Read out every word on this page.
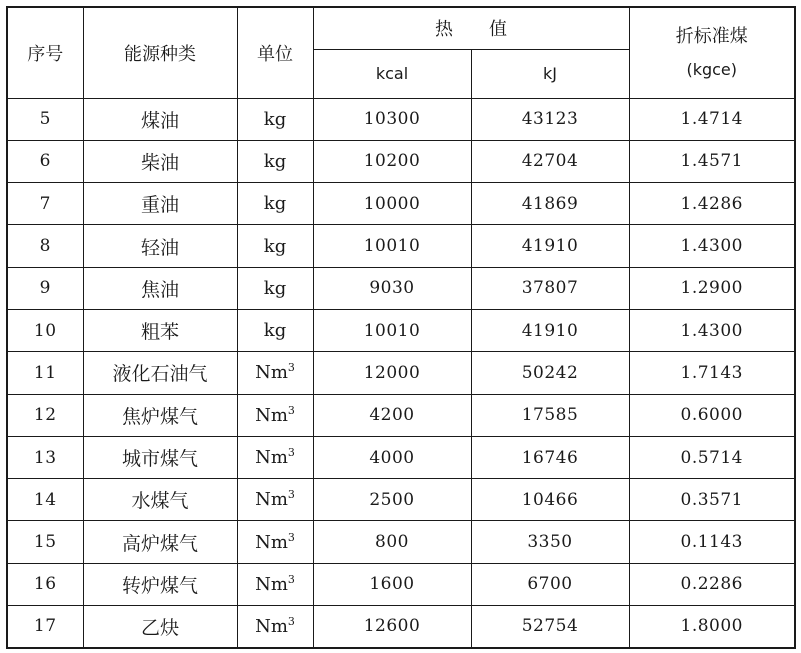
序号	能源种类	单位	热　　值		折标准煤
(kgce)

			kcal	kJ	
5	煤油	kg	10300	43123	1.4714
6	柴油	kg	10200	42704	1.4571
7	重油	kg	10000	41869	1.4286
8	轻油	kg	10010	41910	1.4300
9	焦油	kg	9030	37807	1.2900
10	粗苯	kg	10010	41910	1.4300
11	液化石油气	Nm$^3$	12000	50242	1.7143
12	焦炉煤气	Nm$^3$	4200	17585	0.6000
13	城市煤气	Nm$^3$	4000	16746	0.5714
14	水煤气	Nm$^3$	2500	10466	0.3571
15	高炉煤气	Nm$^3$	800	3350	0.1143
16	转炉煤气	Nm$^3$	1600	6700	0.2286
17	乙炔	Nm$^3$	12600	52754	1.8000
